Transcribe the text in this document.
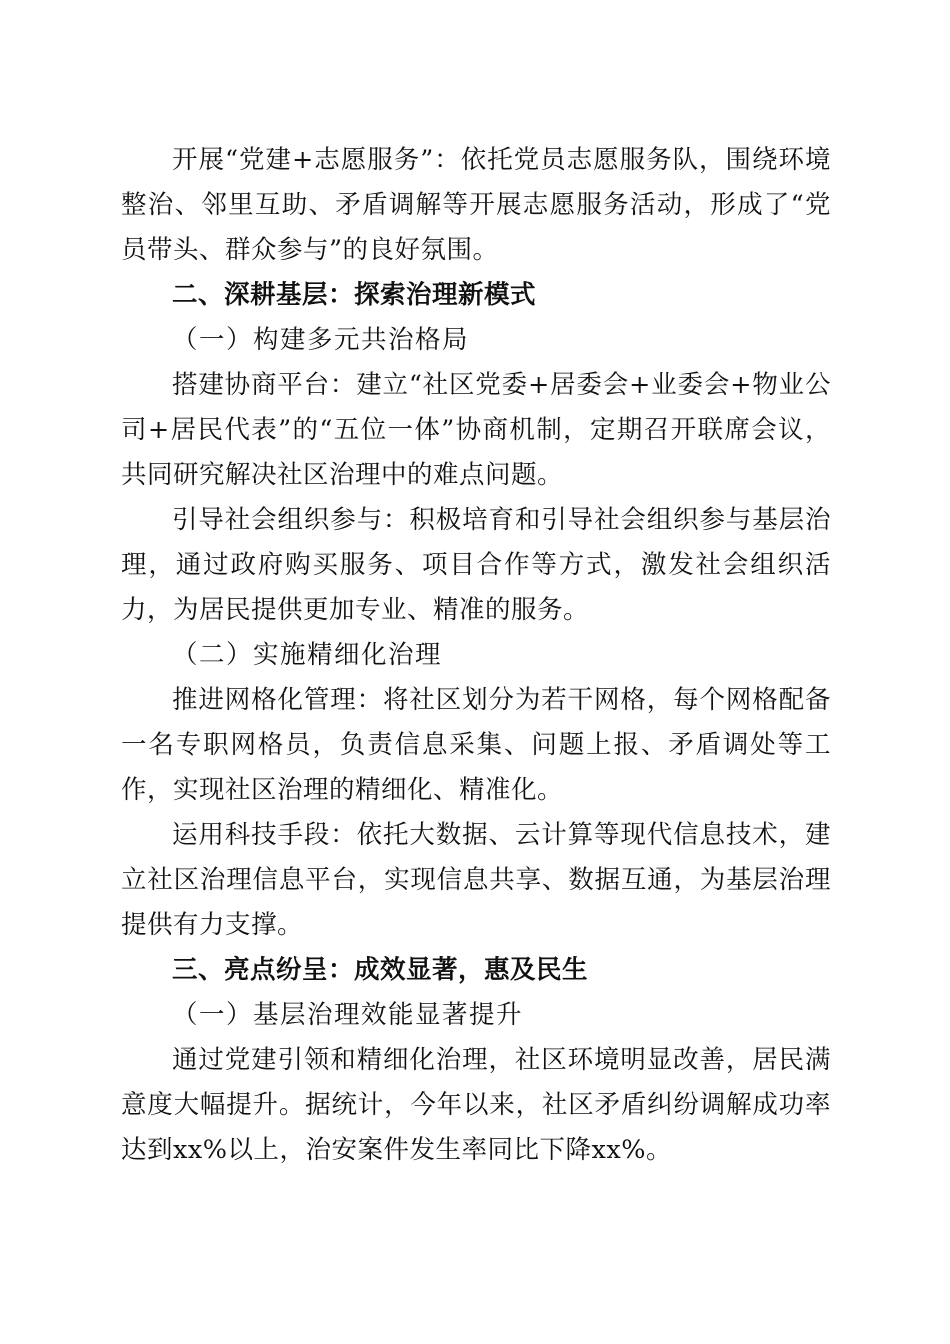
开展“党建+志愿服务”：依托党员志愿服务队，围绕环境整治、邻里互助、矛盾调解等开展志愿服务活动，形成了“党员带头、群众参与”的良好氛围。

二、深耕基层：探索治理新模式
（一）构建多元共治格局

搭建协商平台：建立“社区党委+居委会+业委会+物业公司+居民代表”的“五位一体”协商机制，定期召开联席会议，共同研究解决社区治理中的难点问题。

引导社会组织参与：积极培育和引导社会组织参与基层治理，通过政府购买服务、项目合作等方式，激发社会组织活力，为居民提供更加专业、精准的服务。

（二）实施精细化治理

推进网格化管理：将社区划分为若干网格，每个网格配备一名专职网格员，负责信息采集、问题上报、矛盾调处等工作，实现社区治理的精细化、精准化。

运用科技手段：依托大数据、云计算等现代信息技术，建立社区治理信息平台，实现信息共享、数据互通，为基层治理提供有力支撑。

三、亮点纷呈：成效显著，惠及民生
（一）基层治理效能显著提升

通过党建引领和精细化治理，社区环境明显改善，居民满意度大幅提升。据统计，今年以来，社区矛盾纠纷调解成功率达到xx%以上，治安案件发生率同比下降xx%。
